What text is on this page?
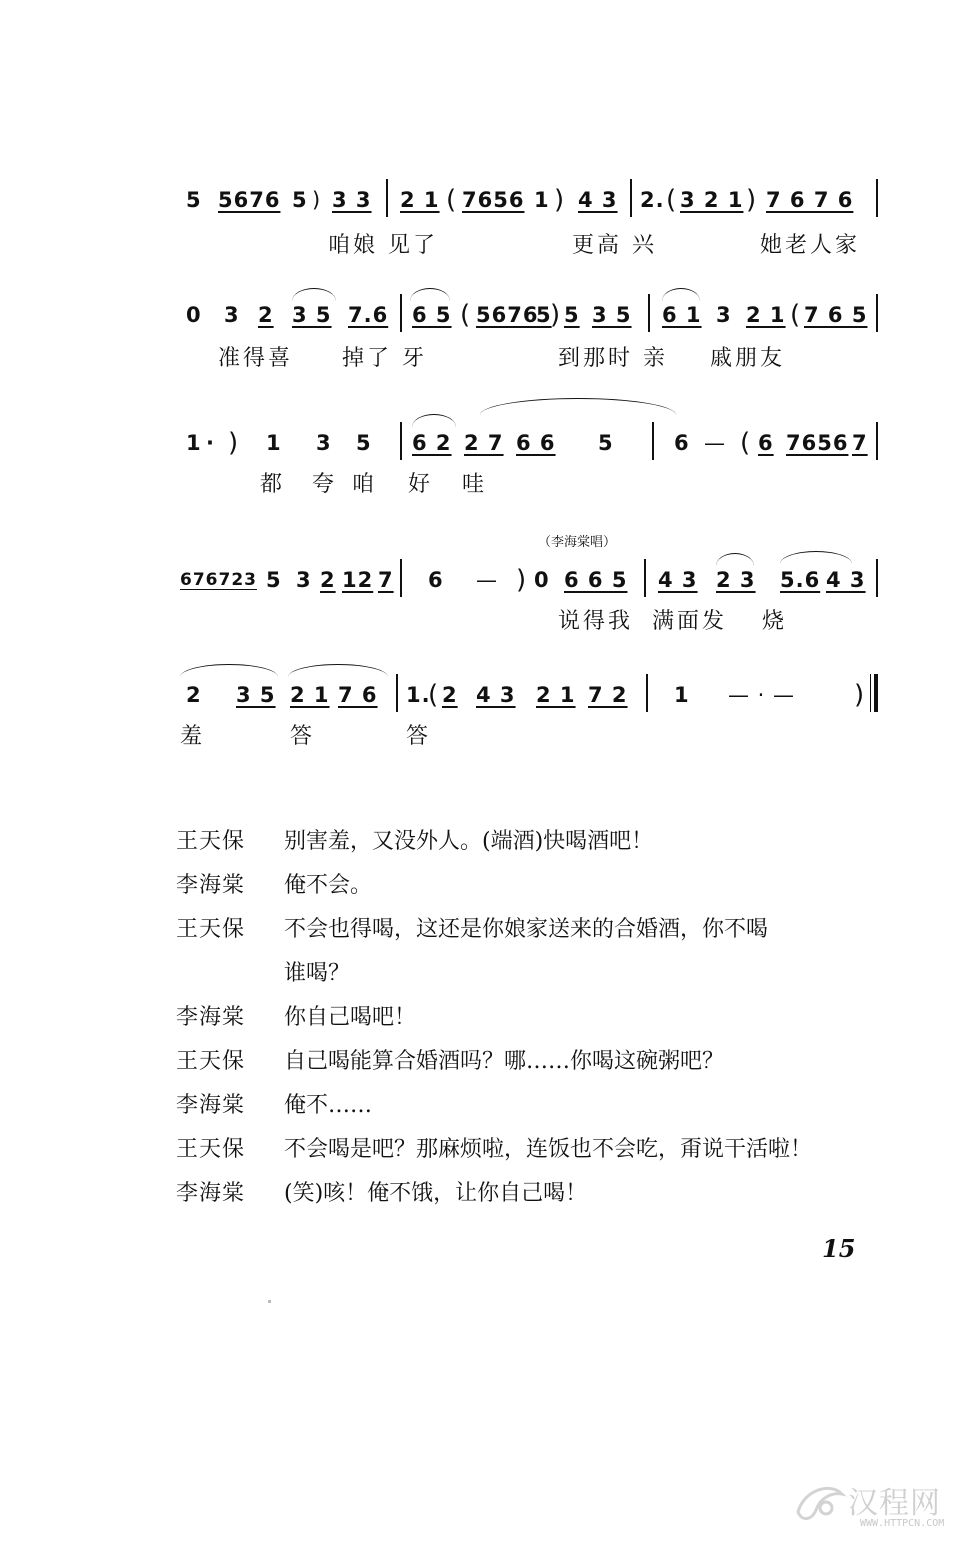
5

5676

5

)

3 3

2 1

(

7656

1

)

4 3

2.

(

3 2 1

)

7 6 7 6

咱娘 见了

	更高 兴

	她老人家

0

3

2

3 5

7.6

6 5

(

5676

5

)

5

3 5

6 1

3

2 1

(

7 6 5

准得喜

掉了 牙

	到那时 亲

戚朋友

1

·

)

1

3

5

6 2

2 7

6 6

5

	6

—

(

6

7656

7

都

夸

咱

好

哇

（李海棠唱）

676723

5

3

2

12

7

6

—

)

0

6 6 5

4 3

2 3

5.6

4 3

说得我

满面发

烧

2

3 5

2 1

7 6

1.

(

2

4 3

2 1

7 2

1

— · —

)

羞

	答

	答

王天保	别害羞，又没外人。(端酒)快喝酒吧！
李海棠	俺不会。
王天保	不会也得喝，这还是你娘家送来的合婚酒，你不喝
谁喝？
李海棠	你自己喝吧！
王天保	自己喝能算合婚酒吗？哪……你喝这碗粥吧？
李海棠	俺不……
王天保	不会喝是吧？那麻烦啦，连饭也不会吃，甭说干活啦！
李海棠	(笑)咳！俺不饿，让你自己喝！
15
汉程网
WWW.HTTPCN.COM
